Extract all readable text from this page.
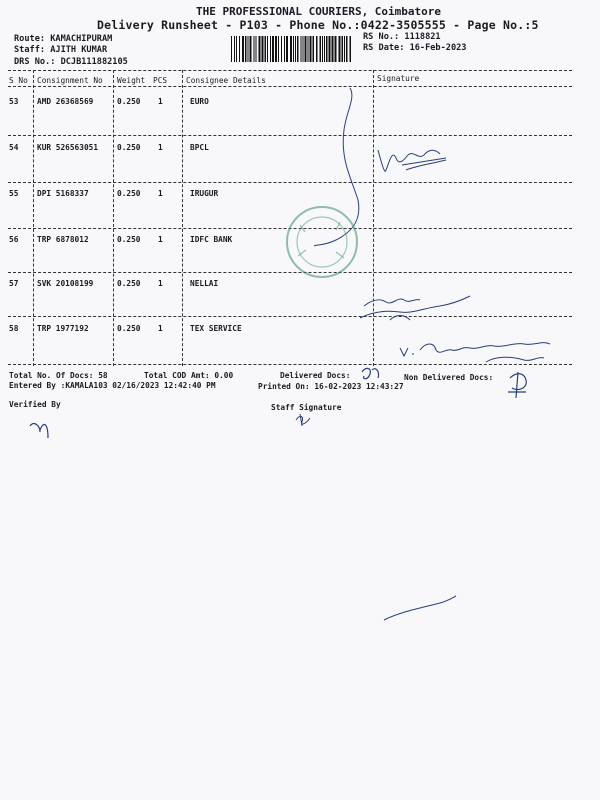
THE PROFESSIONAL COURIERS, Coimbatore
Delivery Runsheet - P103 - Phone No.:0422-3505555 - Page No.:5
Route: KAMACHIPURAM
Staff: AJITH KUMAR
DRS No.: DCJB111882105
RS No.: 1118821
RS Date: 16-Feb-2023
S No Consignment No Weight PCS Consignee Details	Signature
53 AMD 26368569	0.250 1	EURO
54 KUR 526563051 0.250 1	BPCL
55 DPI 5168337	0.250 1	IRUGUR
56 TRP 6878012	0.250 1	IDFC BANK
57 SVK 20108199	0.250 1	NELLAI
58 TRP 1977192	0.250 1	TEX SERVICE
Total No. Of Docs: 58	Total COD Amt: 0.00	Delivered Docs:	Non Delivered Docs:
Entered By :KAMALA103 02/16/2023 12:42:40 PM	Printed On: 16-02-2023 12:43:27
Verified By	Staff Signature
